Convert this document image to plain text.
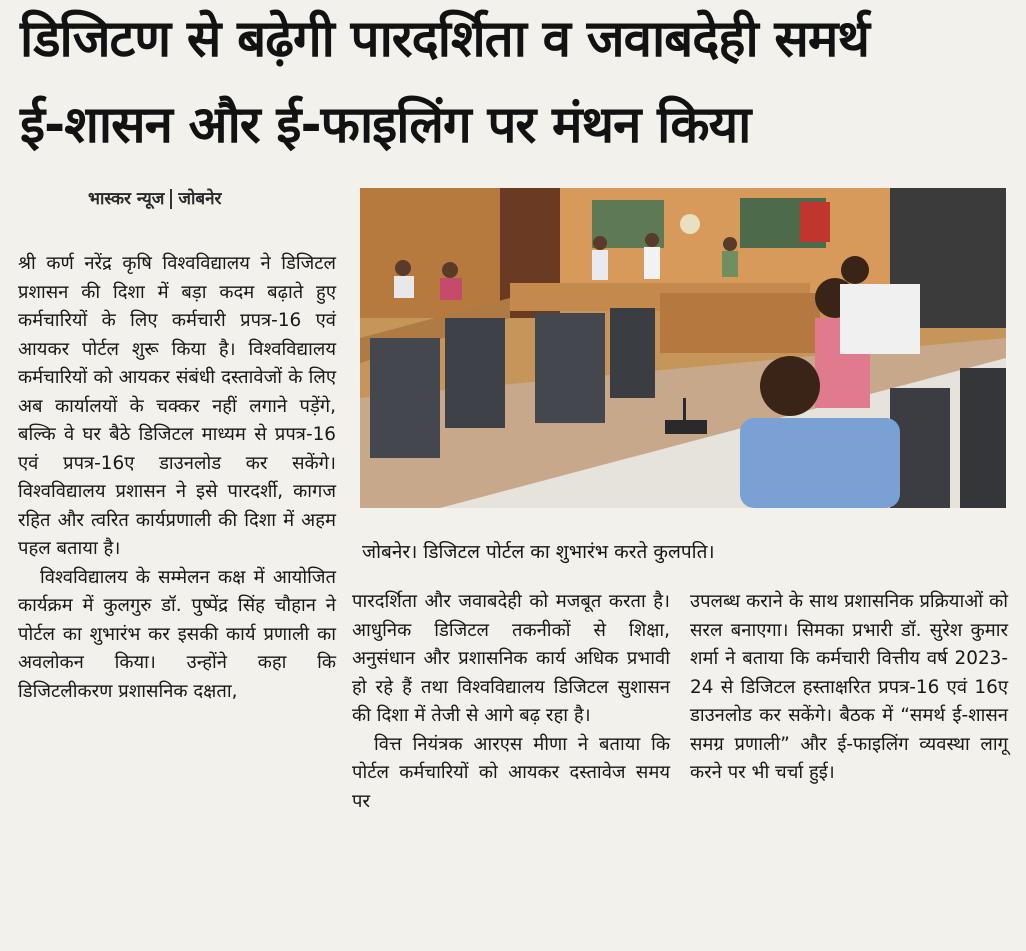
डिजिटण से बढ़ेगी पारदर्शिता व जवाबदेही समर्थ
ई-शासन और ई-फाइलिंग पर मंथन किया
भास्कर न्यूज जोबनेर

श्री कर्ण नरेंद्र कृषि विश्वविद्यालय ने डिजिटल प्रशासन की दिशा में बड़ा कदम बढ़ाते हुए कर्मचारियों के लिए कर्मचारी प्रपत्र-16 एवं आयकर पोर्टल शुरू किया है। विश्वविद्यालय कर्मचारियों को आयकर संबंधी दस्तावेजों के लिए अब कार्यालयों के चक्कर नहीं लगाने पड़ेंगे, बल्कि वे घर बैठे डिजिटल माध्यम से प्रपत्र-16 एवं प्रपत्र-16ए डाउनलोड कर सकेंगे। विश्वविद्यालय प्रशासन ने इसे पारदर्शी, कागज रहित और त्वरित कार्यप्रणाली की दिशा में अहम पहल बताया है।

विश्वविद्यालय के सम्मेलन कक्ष में आयोजित कार्यक्रम में कुलगुरु डॉ. पुष्पेंद्र सिंह चौहान ने पोर्टल का शुभारंभ कर इसकी कार्य प्रणाली का अवलोकन किया। उन्होंने कहा कि डिजिटलीकरण प्रशासनिक दक्षता,

जोबनेर। डिजिटल पोर्टल का शुभारंभ करते कुलपति।

पारदर्शिता और जवाबदेही को मजबूत करता है। आधुनिक डिजिटल तकनीकों से शिक्षा, अनुसंधान और प्रशासनिक कार्य अधिक प्रभावी हो रहे हैं तथा विश्वविद्यालय डिजिटल सुशासन की दिशा में तेजी से आगे बढ़ रहा है।

वित्त नियंत्रक आरएस मीणा ने बताया कि पोर्टल कर्मचारियों को आयकर दस्तावेज समय पर

उपलब्ध कराने के साथ प्रशासनिक प्रक्रियाओं को सरल बनाएगा। सिमका प्रभारी डॉ. सुरेश कुमार शर्मा ने बताया कि कर्मचारी वित्तीय वर्ष 2023-24 से डिजिटल हस्ताक्षरित प्रपत्र-16 एवं 16ए डाउनलोड कर सकेंगे। बैठक में “समर्थ ई-शासन समग्र प्रणाली” और ई-फाइलिंग व्यवस्था लागू करने पर भी चर्चा हुई।
